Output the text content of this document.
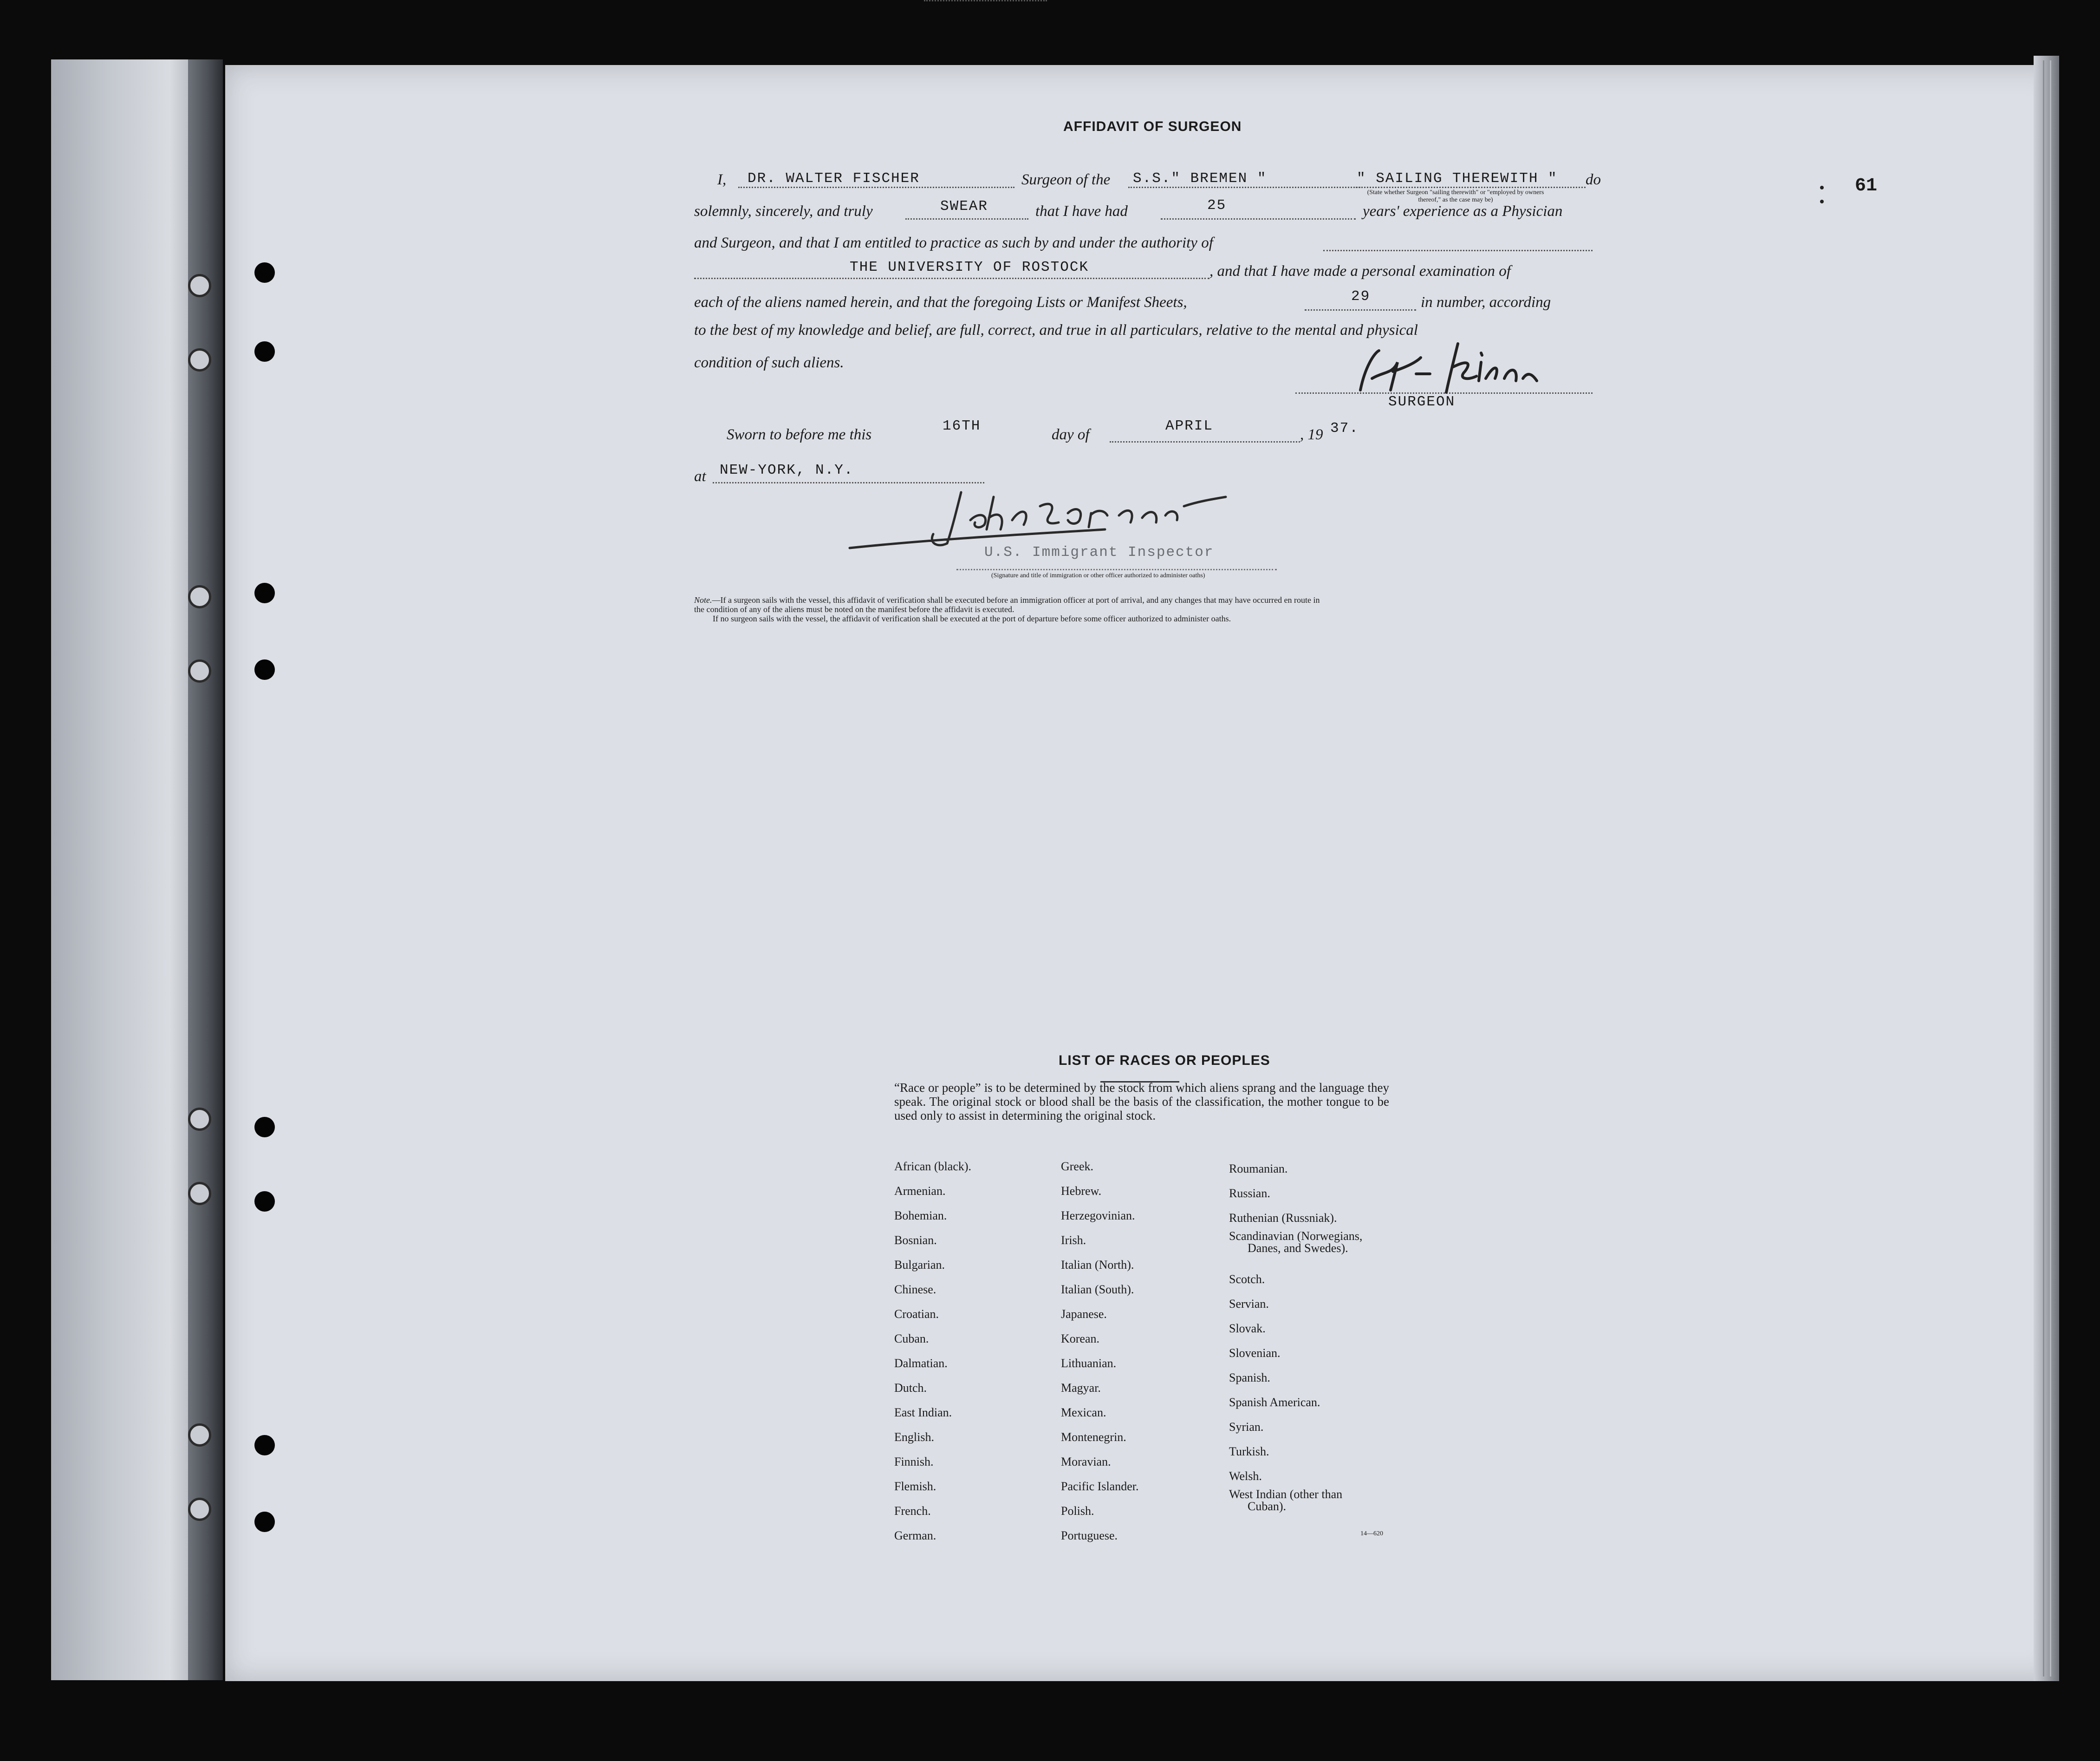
61
AFFIDAVIT OF SURGEON
I, DR. WALTER FISCHER	Surgeon of the S.S." BREMEN "	" SAILING THEREWITH " do
(State whether Surgeon "sailing therewith" or "employed by owners thereof," as the case may be)
solemnly, sincerely, and truly	SWEAR	that I have had	25	years' experience as a Physician
and Surgeon, and that I am entitled to practice as such by and under the authority of
THE UNIVERSITY OF ROSTOCK	, and that I have made a personal examination of
each of the aliens named herein, and that the foregoing Lists or Manifest Sheets,	29	in number, according
to the best of my knowledge and belief, are full, correct, and true in all particulars, relative to the mental and physical
condition of such aliens.
SURGEON
Sworn to before me this
16TH
day of
APRIL
, 19 37.
at NEW-YORK, N.Y.
U.S. Immigrant Inspector
(Signature and title of immigration or other officer authorized to administer oaths)
Note.—If a surgeon sails with the vessel, this affidavit of verification shall be executed before an immigration officer at port of arrival, and any changes that may have occurred en route in
the condition of any of the aliens must be noted on the manifest before the affidavit is executed.
If no surgeon sails with the vessel, the affidavit of verification shall be executed at the port of departure before some officer authorized to administer oaths.
LIST OF RACES OR PEOPLES
“Race or people” is to be determined by the stock from which aliens sprang and the language they speak. The original stock or blood shall be the basis of the classification, the mother tongue to be used only to assist in determining the original stock.
African (black).
Armenian.
Bohemian.
Bosnian.
Bulgarian.
Chinese.
Croatian.
Cuban.
Dalmatian.
Dutch.
East Indian.
English.
Finnish.
Flemish.
French.
German.
Greek.
Hebrew.
Herzegovinian.
Irish.
Italian (North).
Italian (South).
Japanese.
Korean.
Lithuanian.
Magyar.
Mexican.
Montenegrin.
Moravian.
Pacific Islander.
Polish.
Portuguese.
Roumanian.
Russian.
Ruthenian (Russniak).
Scandinavian (Norwegians,
Danes, and Swedes).
Scotch.
Servian.
Slovak.
Slovenian.
Spanish.
Spanish American.
Syrian.
Turkish.
Welsh.
West Indian (other than
Cuban).
14—620
